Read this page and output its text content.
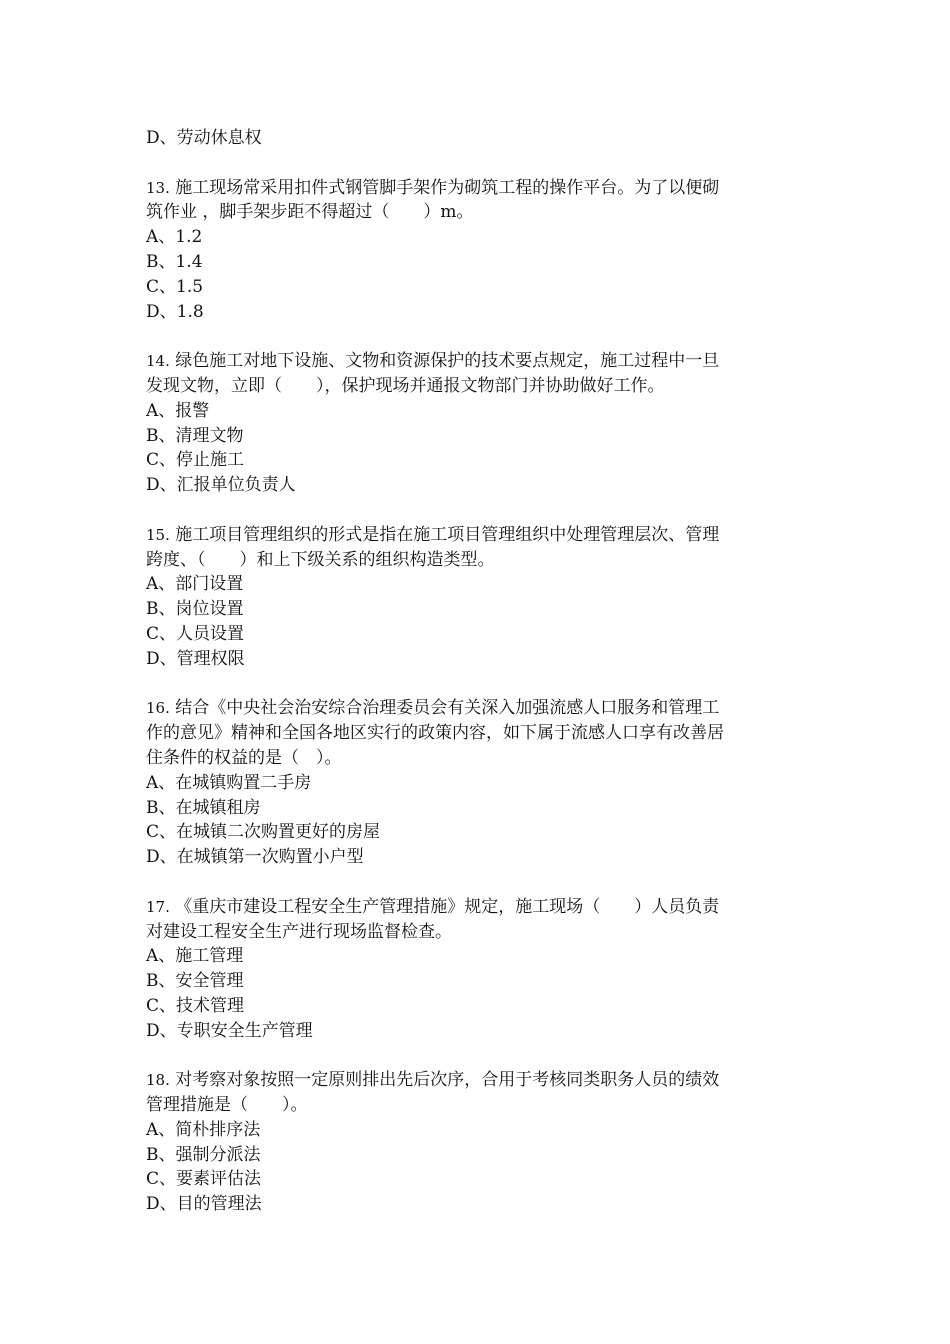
D、劳动休息权
13. 施工现场常采用扣件式钢管脚手架作为砌筑工程的操作平台。为了以便砌
筑作业 ，脚手架步距不得超过（　　）m。
A、1.2
B、1.4
C、1.5
D、1.8
14. 绿色施工对地下设施、文物和资源保护的技术要点规定，施工过程中一旦
发现文物，立即（　　），保护现场并通报文物部门并协助做好工作。
A、报警
B、清理文物
C、停止施工
D、汇报单位负责人
15. 施工项目管理组织的形式是指在施工项目管理组织中处理管理层次、管理
跨度、（　　）和上下级关系的组织构造类型。
A、部门设置
B、岗位设置
C、人员设置
D、管理权限
16. 结合《中央社会治安综合治理委员会有关深入加强流感人口服务和管理工
作的意见》精神和全国各地区实行的政策内容，如下属于流感人口享有改善居
住条件的权益的是（　）。
A、在城镇购置二手房
B、在城镇租房
C、在城镇二次购置更好的房屋
D、在城镇第一次购置小户型
17. 《重庆市建设工程安全生产管理措施》规定，施工现场（　　）人员负责
对建设工程安全生产进行现场监督检查。
A、施工管理
B、安全管理
C、技术管理
D、专职安全生产管理
18. 对考察对象按照一定原则排出先后次序，合用于考核同类职务人员的绩效
管理措施是（　　）。
A、简朴排序法
B、强制分派法
C、要素评估法
D、目的管理法
